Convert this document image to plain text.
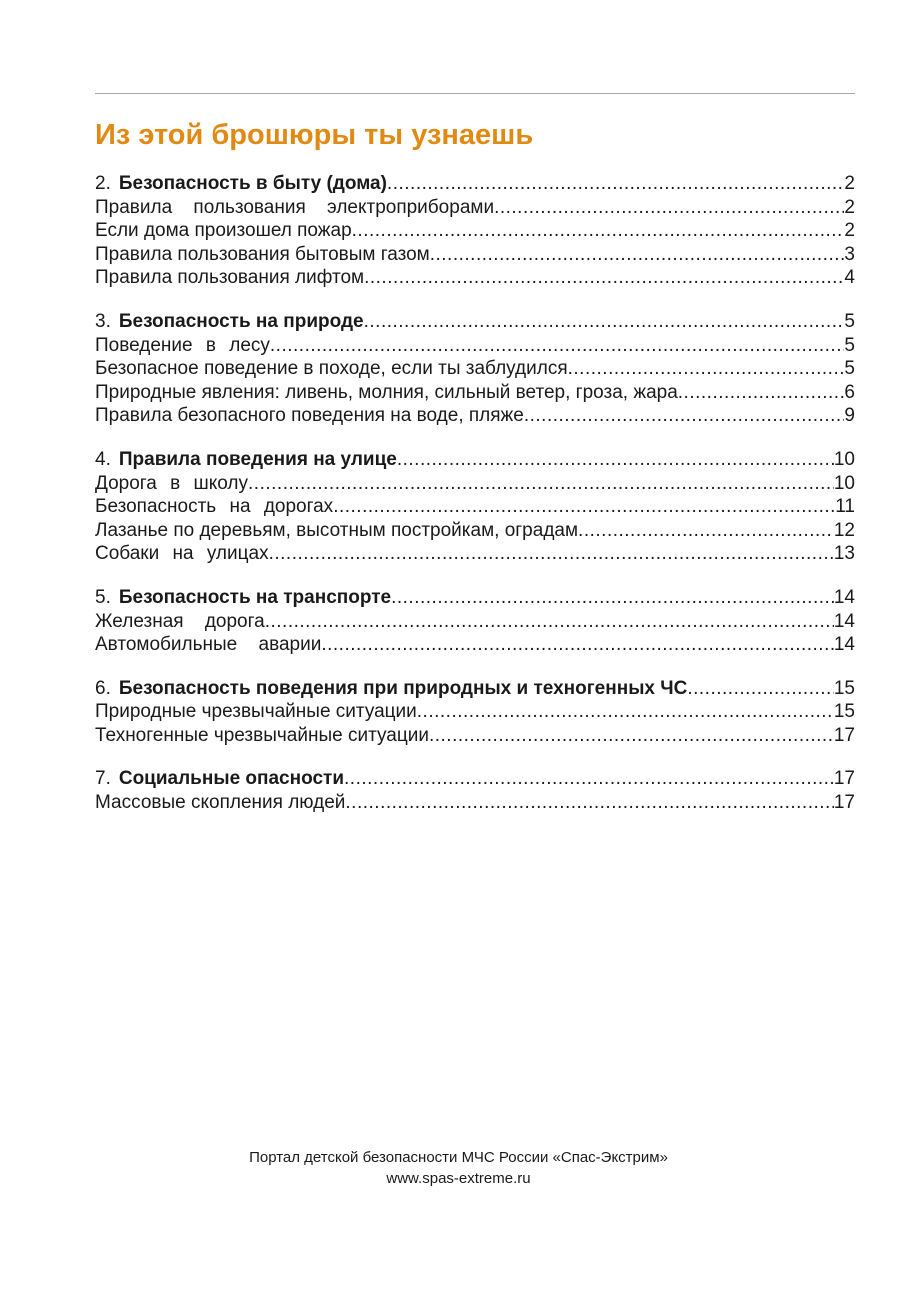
Из этой брошюры ты узнаешь
2. Безопасность в быту (дома) .....	2
Правила пользования электроприборами .....	2
Если дома произошел пожар .....	2
Правила пользования бытовым газом .....	3
Правила пользования лифтом .....	4
3. Безопасность на природе .....	5
Поведение в лесу .....	5
Безопасное поведение в походе, если ты заблудился .....	5
Природные явления: ливень, молния, сильный ветер, гроза, жара .....	6
Правила безопасного поведения на воде, пляже .....	9
4. Правила поведения на улице .....	10
Дорога в школу .....	10
Безопасность на дорогах .....	11
Лазанье по деревьям, высотным постройкам, оградам .....	12
Собаки на улицах .....	13
5. Безопасность на транспорте .....	14
Железная дорога .....	14
Автомобильные аварии .....	14
6. Безопасность поведения при природных и техногенных ЧС .....	15
Природные чрезвычайные ситуации .....	15
Техногенные чрезвычайные ситуации .....	17
7. Социальные опасности .....	17
Массовые скопления людей .....	17
Портал детской безопасности МЧС России «Спас-Экстрим»
www.spas-extreme.ru
